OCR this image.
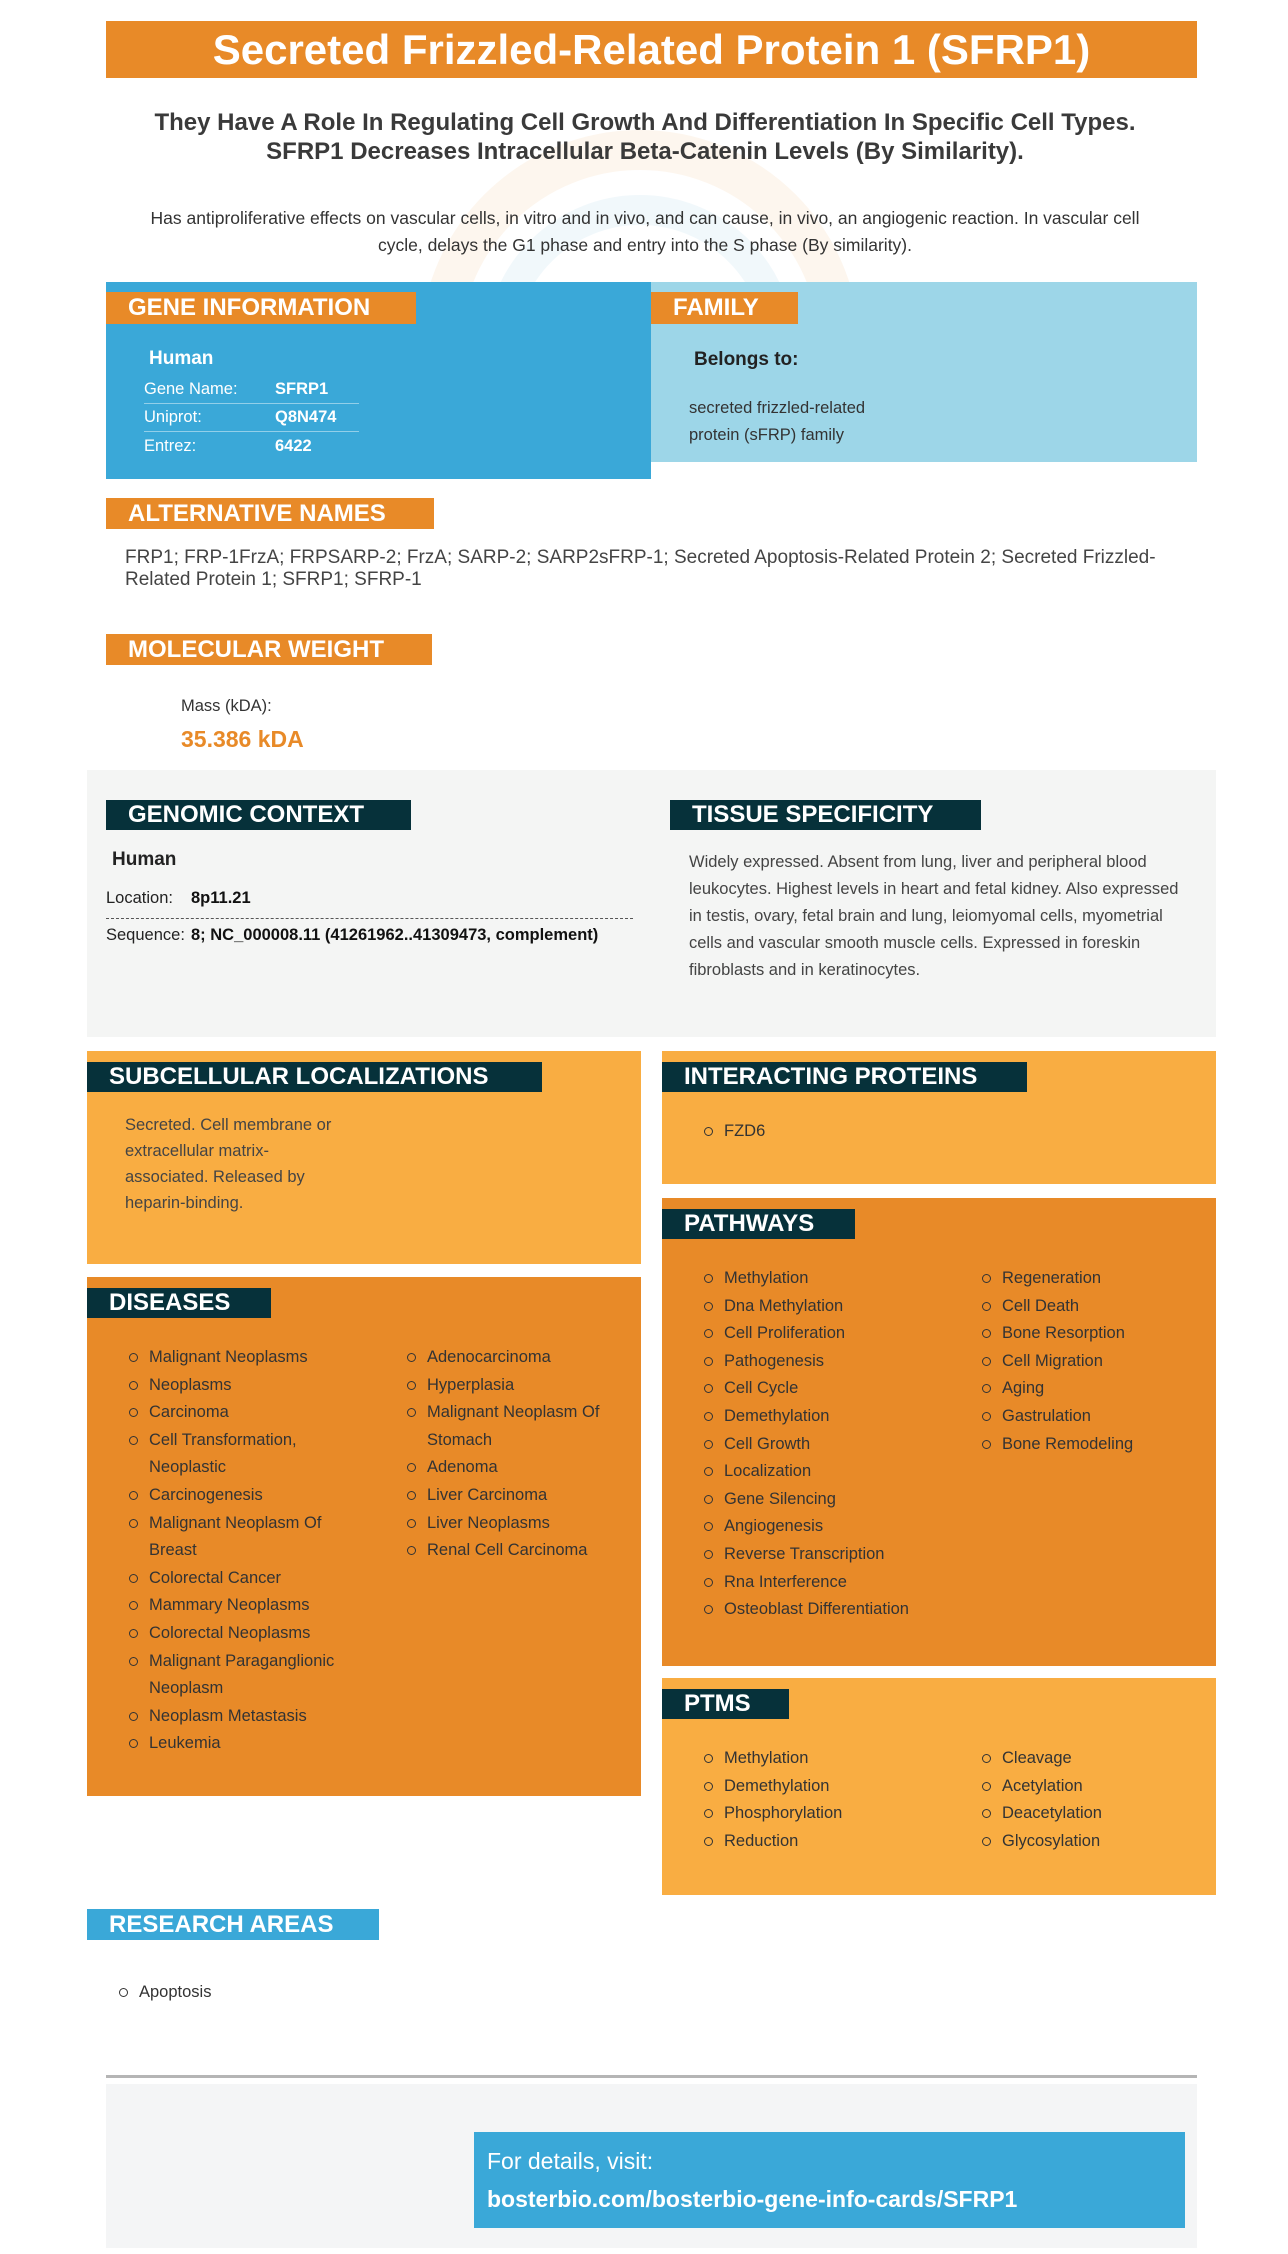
Secreted Frizzled-Related Protein 1 (SFRP1)
They Have A Role In Regulating Cell Growth And Differentiation In Specific Cell Types. SFRP1 Decreases Intracellular Beta-Catenin Levels (By Similarity).
Has antiproliferative effects on vascular cells, in vitro and in vivo, and can cause, in vivo, an angiogenic reaction. In vascular cell cycle, delays the G1 phase and entry into the S phase (By similarity).
GENE INFORMATION
Human
Gene Name:	SFRP1
Uniprot:	Q8N474
Entrez:	6422
FAMILY
Belongs to:
secreted frizzled-related protein (sFRP) family
ALTERNATIVE NAMES
FRP1; FRP-1FrzA; FRPSARP-2; FrzA; SARP-2; SARP2sFRP-1; Secreted Apoptosis-Related Protein 2; Secreted Frizzled-Related Protein 1; SFRP1; SFRP-1
MOLECULAR WEIGHT
Mass (kDA):
35.386 kDA
GENOMIC CONTEXT
Human
Location:	8p11.21
Sequence: 8; NC_000008.11 (41261962..41309473, complement)
TISSUE SPECIFICITY
Widely expressed. Absent from lung, liver and peripheral blood leukocytes. Highest levels in heart and fetal kidney. Also expressed in testis, ovary, fetal brain and lung, leiomyomal cells, myometrial cells and vascular smooth muscle cells. Expressed in foreskin fibroblasts and in keratinocytes.
SUBCELLULAR LOCALIZATIONS
Secreted. Cell membrane or extracellular matrix-associated. Released by heparin-binding.
INTERACTING PROTEINS
FZD6
DISEASES
Malignant Neoplasms
Neoplasms
Carcinoma
Cell Transformation, Neoplastic
Carcinogenesis
Malignant Neoplasm Of Breast
Colorectal Cancer
Mammary Neoplasms
Colorectal Neoplasms
Malignant Paraganglionic Neoplasm
Neoplasm Metastasis
Leukemia
Adenocarcinoma
Hyperplasia
Malignant Neoplasm Of Stomach
Adenoma
Liver Carcinoma
Liver Neoplasms
Renal Cell Carcinoma
PATHWAYS
Methylation
Dna Methylation
Cell Proliferation
Pathogenesis
Cell Cycle
Demethylation
Cell Growth
Localization
Gene Silencing
Angiogenesis
Reverse Transcription
Rna Interference
Osteoblast Differentiation
Regeneration
Cell Death
Bone Resorption
Cell Migration
Aging
Gastrulation
Bone Remodeling
PTMS
Methylation
Demethylation
Phosphorylation
Reduction
Cleavage
Acetylation
Deacetylation
Glycosylation
RESEARCH AREAS
Apoptosis
For details, visit:
bosterbio.com/bosterbio-gene-info-cards/SFRP1
